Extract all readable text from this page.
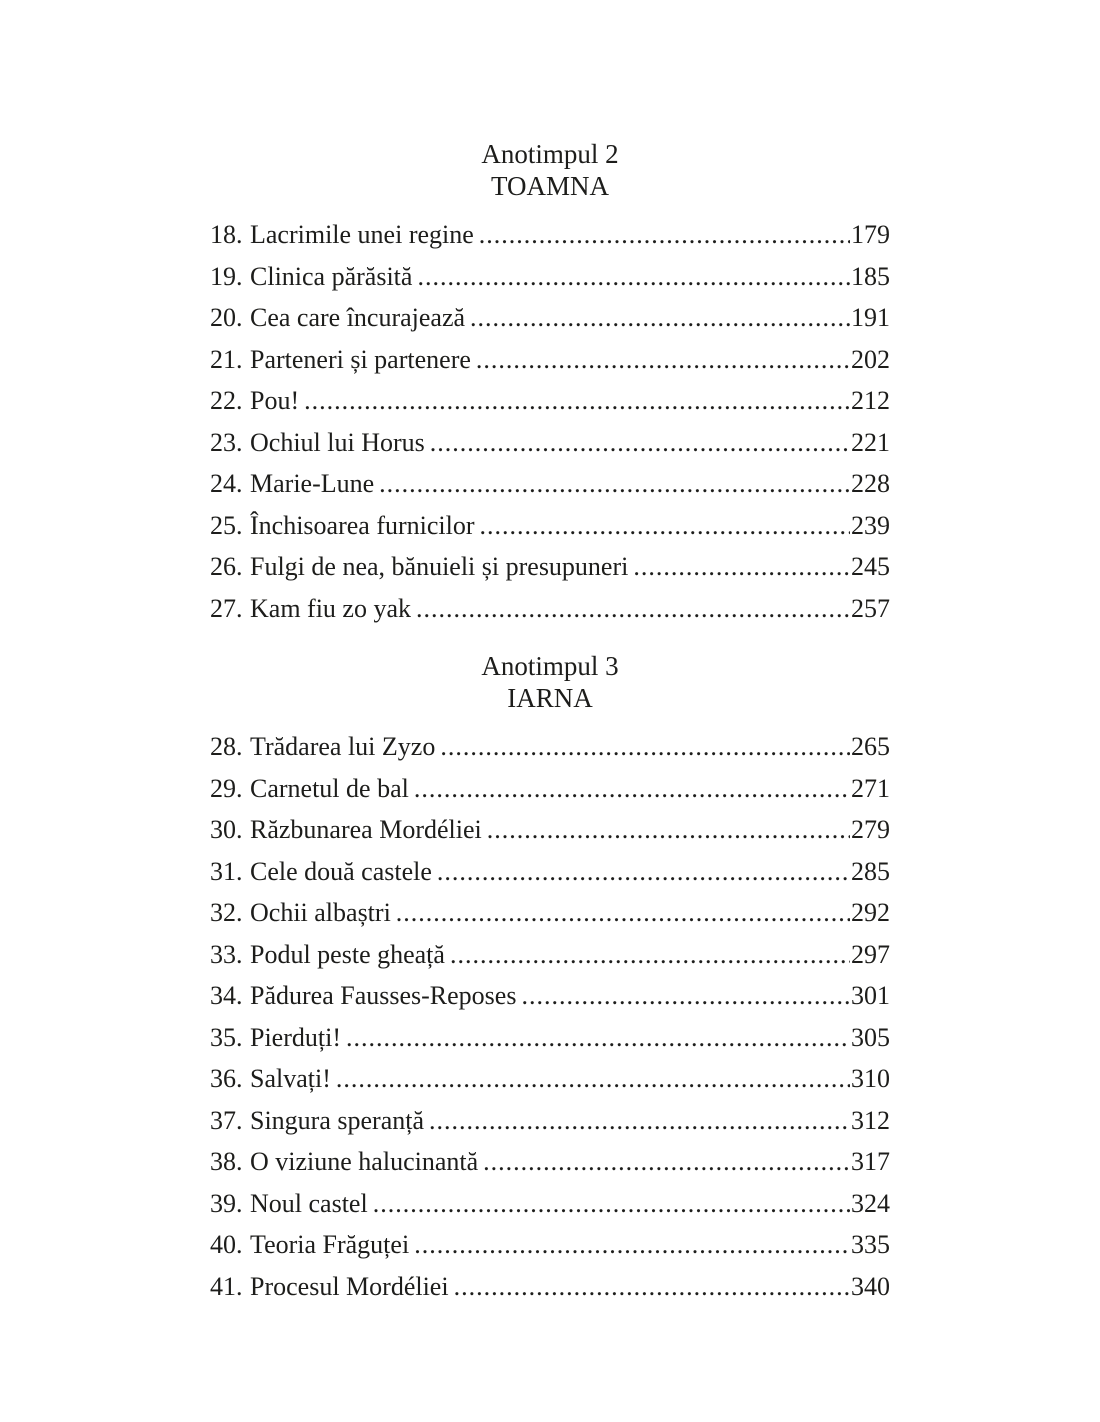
Anotimpul 2
TOAMNA
18. Lacrimile unei regine .....	179
19. Clinica părăsită .....	185
20. Cea care încurajează .....	191
21. Parteneri și partenere .....	202
22. Pou! .....	212
23. Ochiul lui Horus .....	221
24. Marie-Lune .....	228
25. Închisoarea furnicilor .....	239
26. Fulgi de nea, bănuieli și presupuneri .....	245
27. Kam fiu zo yak .....	257
Anotimpul 3
IARNA
28. Trădarea lui Zyzo .....	265
29. Carnetul de bal .....	271
30. Răzbunarea Mordéliei .....	279
31. Cele două castele .....	285
32. Ochii albaștri .....	292
33. Podul peste gheață .....	297
34. Pădurea Fausses-Reposes .....	301
35. Pierduți! .....	305
36. Salvați! .....	310
37. Singura speranță .....	312
38. O viziune halucinantă .....	317
39. Noul castel .....	324
40. Teoria Frăguței .....	335
41. Procesul Mordéliei .....	340
